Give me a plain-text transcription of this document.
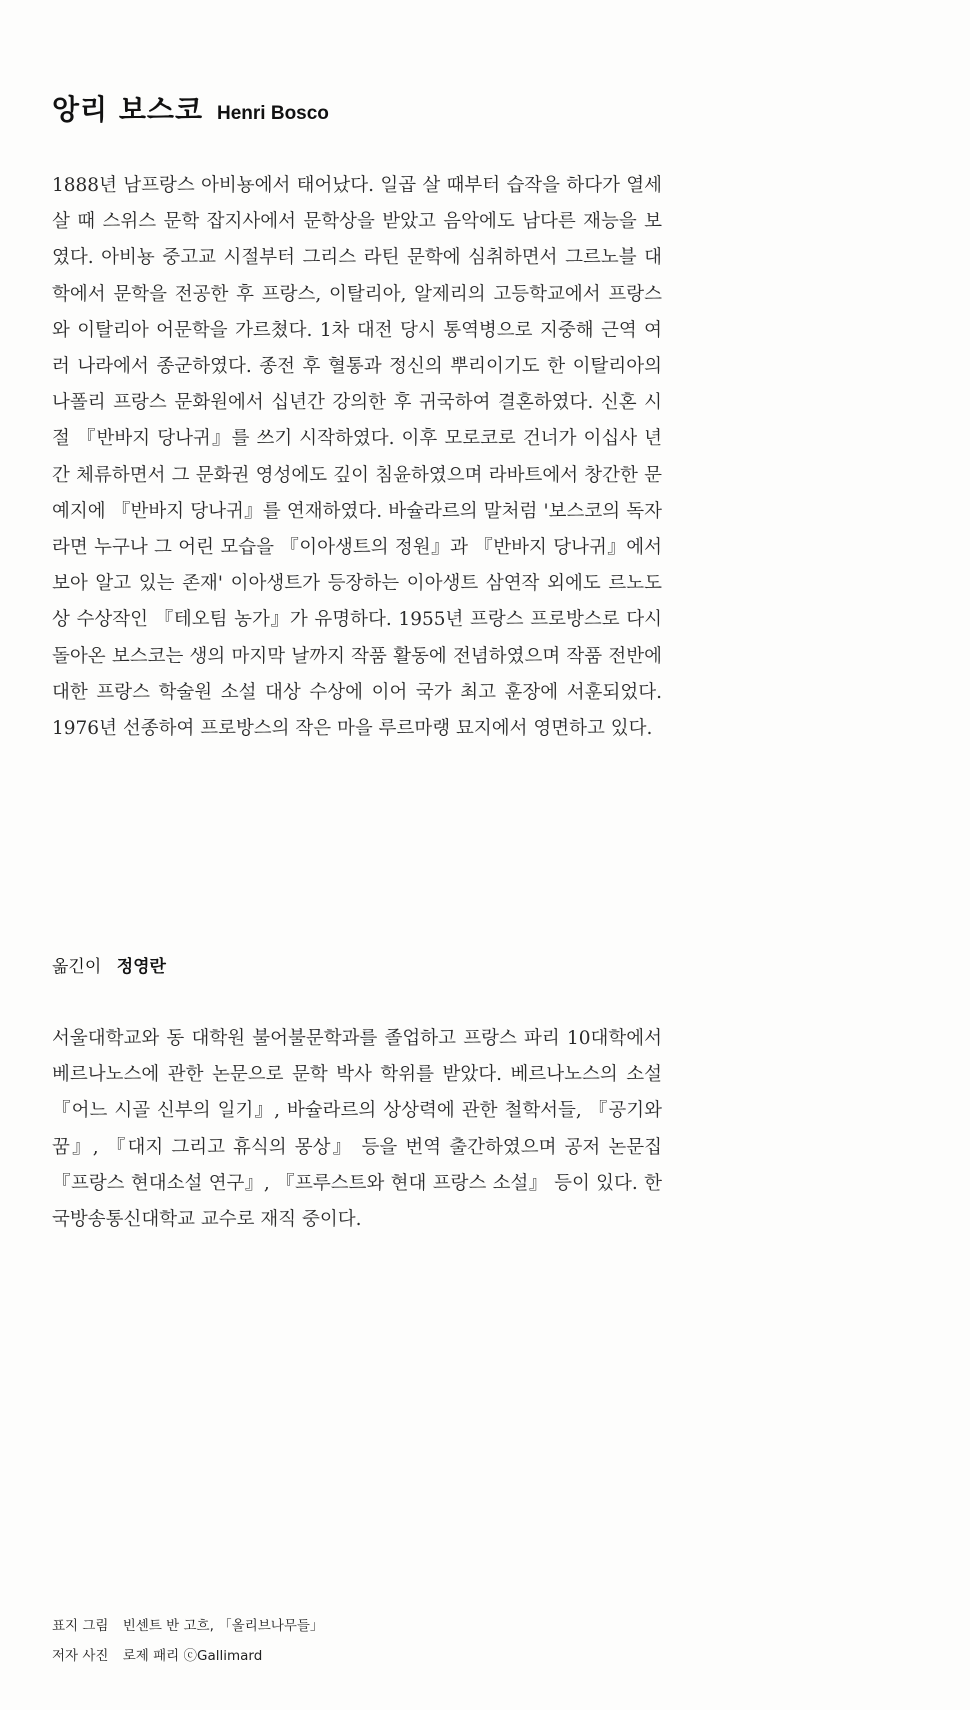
앙리 보스코 Henri Bosco

1888년 남프랑스 아비뇽에서 태어났다. 일곱 살 때부터 습작을 하다가 열세 살 때 스위스 문학 잡지사에서 문학상을 받았고 음악에도 남다른 재능을 보였다. 아비뇽 중고교 시절부터 그리스 라틴 문학에 심취하면서 그르노블 대학에서 문학을 전공한 후 프랑스, 이탈리아, 알제리의 고등학교에서 프랑스와 이탈리아 어문학을 가르쳤다. 1차 대전 당시 통역병으로 지중해 근역 여러 나라에서 종군하였다. 종전 후 혈통과 정신의 뿌리이기도 한 이탈리아의 나폴리 프랑스 문화원에서 십년간 강의한 후 귀국하여 결혼하였다. 신혼 시절 『반바지 당나귀』를 쓰기 시작하였다. 이후 모로코로 건너가 이십사 년간 체류하면서 그 문화권 영성에도 깊이 침윤하였으며 라바트에서 창간한 문예지에 『반바지 당나귀』를 연재하였다. 바슐라르의 말처럼 '보스코의 독자라면 누구나 그 어린 모습을 『이아생트의 정원』과 『반바지 당나귀』에서 보아 알고 있는 존재' 이아생트가 등장하는 이아생트 삼연작 외에도 르노도 상 수상작인 『테오팀 농가』가 유명하다. 1955년 프랑스 프로방스로 다시 돌아온 보스코는 생의 마지막 날까지 작품 활동에 전념하였으며 작품 전반에 대한 프랑스 학술원 소설 대상 수상에 이어 국가 최고 훈장에 서훈되었다. 1976년 선종하여 프로방스의 작은 마을 루르마랭 묘지에서 영면하고 있다.

옮긴이 정영란

서울대학교와 동 대학원 불어불문학과를 졸업하고 프랑스 파리 10대학에서 베르나노스에 관한 논문으로 문학 박사 학위를 받았다. 베르나노스의 소설 『어느 시골 신부의 일기』, 바슐라르의 상상력에 관한 철학서들, 『공기와 꿈』, 『대지 그리고 휴식의 몽상』 등을 번역 출간하였으며 공저 논문집 『프랑스 현대소설 연구』, 『프루스트와 현대 프랑스 소설』 등이 있다. 한국방송통신대학교 교수로 재직 중이다.

표지 그림 빈센트 반 고흐, 「올리브나무들」
저자 사진 로제 패리 ⓒGallimard
